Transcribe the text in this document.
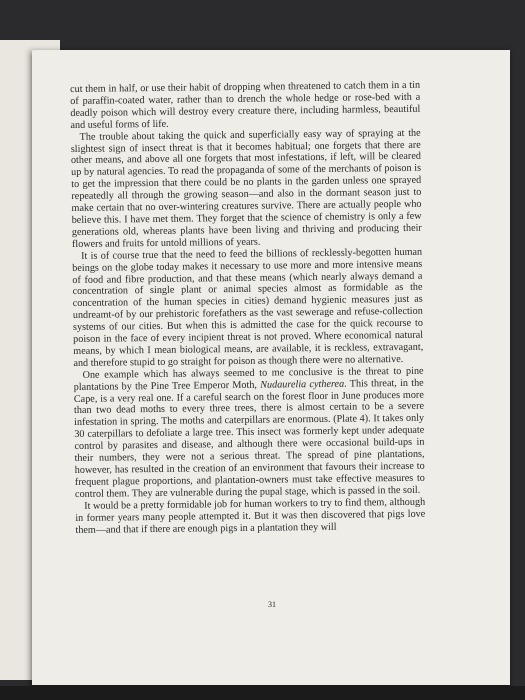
cut them in half, or use their habit of dropping when threatened to catch them in a tin of paraffin-coated water, rather than to drench the whole hedge or rose-bed with a deadly poison which will destroy every creature there, including harmless, beautiful and useful forms of life.

The trouble about taking the quick and superficially easy way of spraying at the slightest sign of insect threat is that it becomes habitual; one forgets that there are other means, and above all one forgets that most infestations, if left, will be cleared up by natural agencies. To read the propaganda of some of the merchants of poison is to get the impression that there could be no plants in the garden unless one sprayed repeatedly all through the growing season—and also in the dormant season just to make certain that no over-wintering creatures survive. There are actually people who believe this. I have met them. They forget that the science of chemistry is only a few generations old, whereas plants have been living and thriving and producing their flowers and fruits for untold millions of years.

It is of course true that the need to feed the billions of recklessly-begotten human beings on the globe today makes it necessary to use more and more intensive means of food and fibre production, and that these means (which nearly always demand a concentration of single plant or animal species almost as formidable as the concentration of the human species in cities) demand hygienic measures just as undreamt-of by our prehistoric forefathers as the vast sewerage and refuse-collection systems of our cities. But when this is admitted the case for the quick recourse to poison in the face of every incipient threat is not proved. Where economical natural means, by which I mean biological means, are available, it is reckless, extravagant, and therefore stupid to go straight for poison as though there were no alternative.

One example which has always seemed to me conclusive is the threat to pine plantations by the Pine Tree Emperor Moth, Nudaurelia cytherea. This threat, in the Cape, is a very real one. If a careful search on the forest floor in June produces more than two dead moths to every three trees, there is almost certain to be a severe infestation in spring. The moths and caterpillars are enormous. (Plate 4). It takes only 30 caterpillars to defoliate a large tree. This insect was formerly kept under adequate control by parasites and disease, and although there were occasional build-ups in their numbers, they were not a serious threat. The spread of pine plantations, however, has resulted in the creation of an environment that favours their increase to frequent plague proportions, and plantation-owners must take effective measures to control them. They are vulnerable during the pupal stage, which is passed in the soil.

It would be a pretty formidable job for human workers to try to find them, although in former years many people attempted it. But it was then discovered that pigs love them—and that if there are enough pigs in a plantation they will

31
